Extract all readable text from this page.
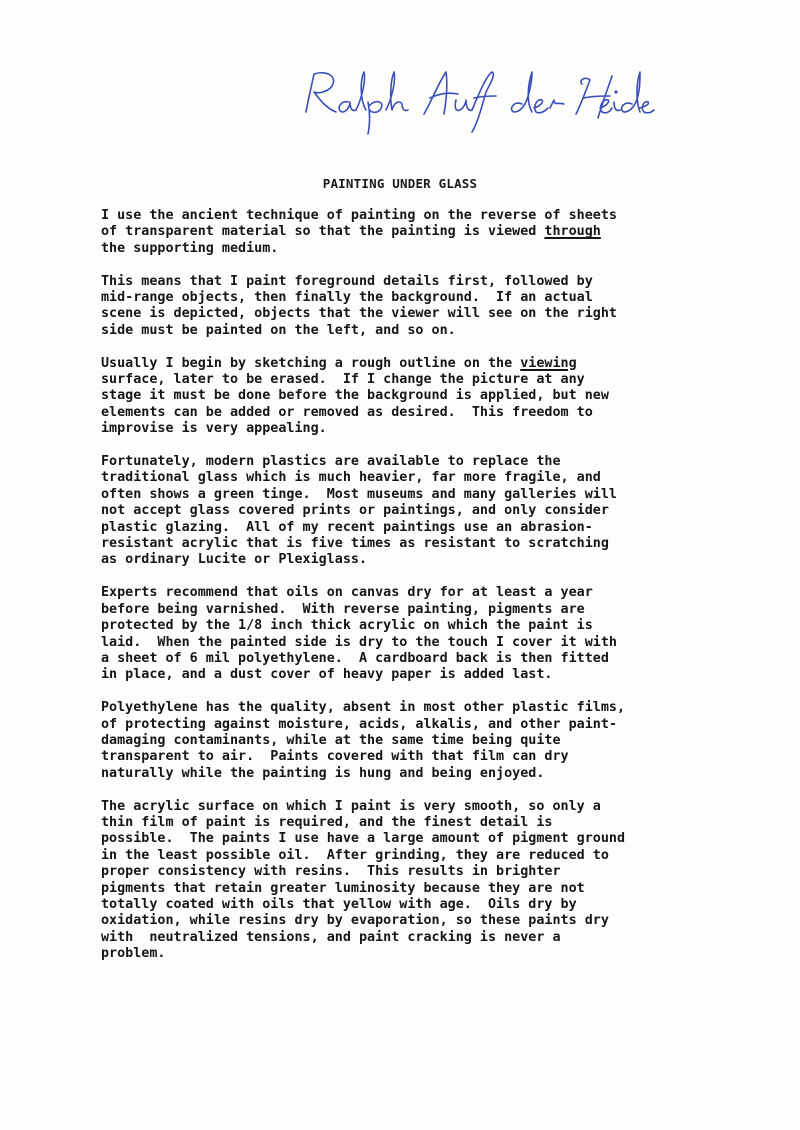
PAINTING UNDER GLASS
I use the ancient technique of painting on the reverse of sheets
of transparent material so that the painting is viewed through
the supporting medium.
This means that I paint foreground details first, followed by
mid-range objects, then finally the background.  If an actual
scene is depicted, objects that the viewer will see on the right
side must be painted on the left, and so on.
Usually I begin by sketching a rough outline on the viewing
surface, later to be erased.  If I change the picture at any
stage it must be done before the background is applied, but new
elements can be added or removed as desired.  This freedom to
improvise is very appealing.
Fortunately, modern plastics are available to replace the
traditional glass which is much heavier, far more fragile, and
often shows a green tinge.  Most museums and many galleries will
not accept glass covered prints or paintings, and only consider
plastic glazing.  All of my recent paintings use an abrasion-
resistant acrylic that is five times as resistant to scratching
as ordinary Lucite or Plexiglass.
Experts recommend that oils on canvas dry for at least a year
before being varnished.  With reverse painting, pigments are
protected by the 1/8 inch thick acrylic on which the paint is
laid.  When the painted side is dry to the touch I cover it with
a sheet of 6 mil polyethylene.  A cardboard back is then fitted
in place, and a dust cover of heavy paper is added last.
Polyethylene has the quality, absent in most other plastic films,
of protecting against moisture, acids, alkalis, and other paint-
damaging contaminants, while at the same time being quite
transparent to air.  Paints covered with that film can dry
naturally while the painting is hung and being enjoyed.
The acrylic surface on which I paint is very smooth, so only a
thin film of paint is required, and the finest detail is
possible.  The paints I use have a large amount of pigment ground
in the least possible oil.  After grinding, they are reduced to
proper consistency with resins.  This results in brighter
pigments that retain greater luminosity because they are not
totally coated with oils that yellow with age.  Oils dry by
oxidation, while resins dry by evaporation, so these paints dry
with  neutralized tensions, and paint cracking is never a
problem.
